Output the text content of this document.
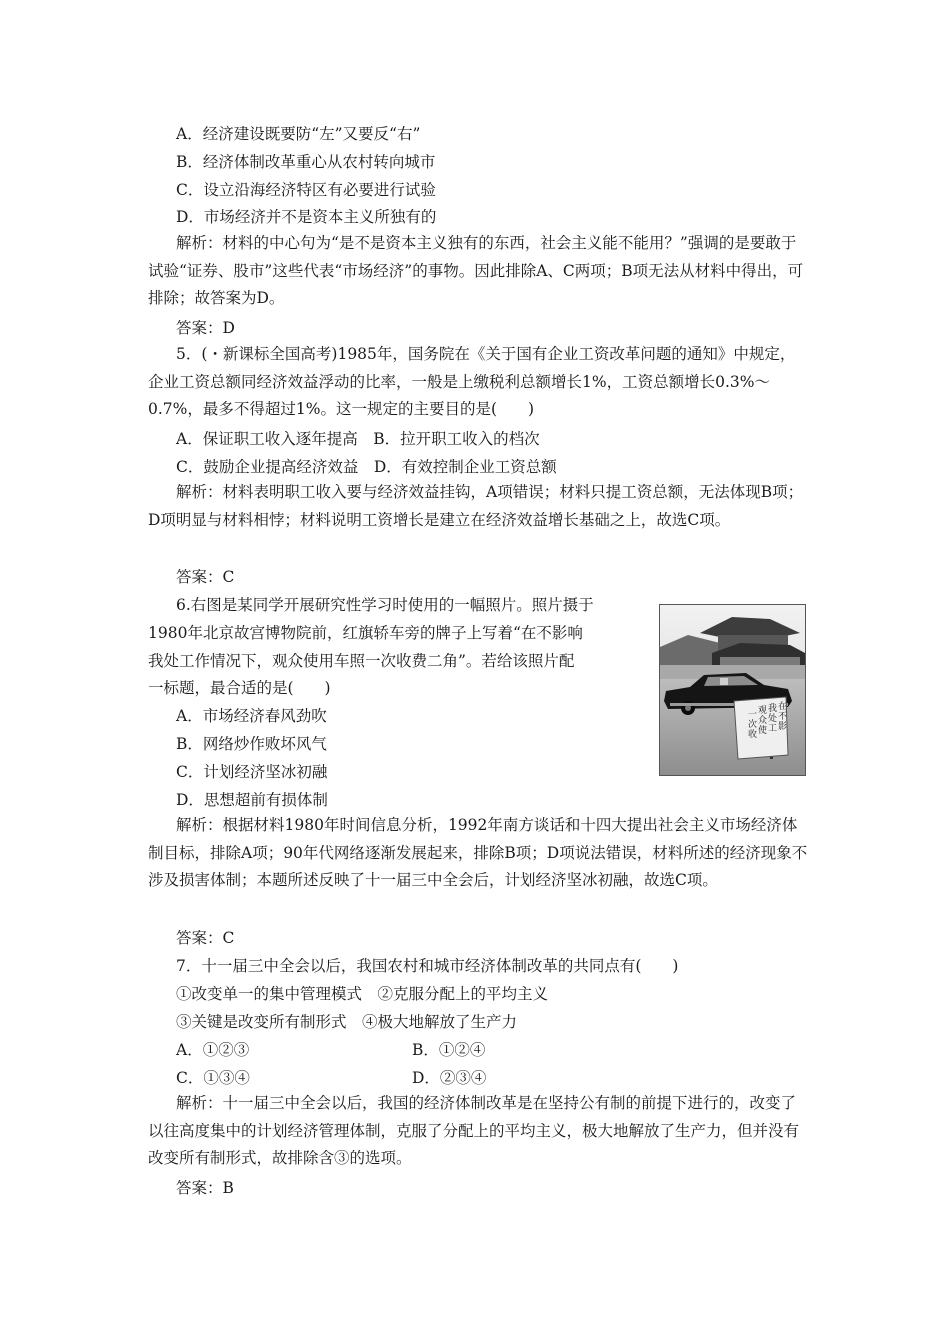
A．经济建设既要防“左”又要反“右”
B．经济体制改革重心从农村转向城市
C．设立沿海经济特区有必要进行试验
D．市场经济并不是资本主义所独有的
解析：材料的中心句为“是不是资本主义独有的东西，社会主义能不能用？”强调的是要敢于试验“证券、股市”这些代表“市场经济”的事物。因此排除A、C两项；B项无法从材料中得出，可排除；故答案为D。
答案：D
5．(・新课标全国高考)1985年，国务院在《关于国有企业工资改革问题的通知》中规定，企业工资总额同经济效益浮动的比率，一般是上缴税利总额增长1%，工资总额增长0.3%～0.7%，最多不得超过1%。这一规定的主要目的是(　　)
A．保证职工收入逐年提高　B．拉开职工收入的档次
C．鼓励企业提高经济效益　D．有效控制企业工资总额
解析：材料表明职工收入要与经济效益挂钩，A项错误；材料只提工资总额，无法体现B项；D项明显与材料相悖；材料说明工资增长是建立在经济效益增长基础之上，故选C项。
答案：C
6.右图是某同学开展研究性学习时使用的一幅照片。照片摄于
1980年北京故宫博物院前，红旗轿车旁的牌子上写着“在不影响
我处工作情况下，观众使用车照一次收费二角”。若给该照片配
一标题，最合适的是(　　)
A．市场经济春风劲吹
B．网络炒作败坏风气
C．计划经济坚冰初融
D．思想超前有损体制
在
不
影
我
处
工
观
众
使
一
次
收
解析：根据材料1980年时间信息分析，1992年南方谈话和十四大提出社会主义市场经济体制目标，排除A项；90年代网络逐渐发展起来，排除B项；D项说法错误，材料所述的经济现象不涉及损害体制；本题所述反映了十一届三中全会后，计划经济坚冰初融，故选C项。
答案：C
7．十一届三中全会以后，我国农村和城市经济体制改革的共同点有(　　)
①改变单一的集中管理模式　②克服分配上的平均主义
③关键是改变所有制形式　④极大地解放了生产力
A．①②③	B．①②④
C．①③④	D．②③④
解析：十一届三中全会以后，我国的经济体制改革是在坚持公有制的前提下进行的，改变了以往高度集中的计划经济管理体制，克服了分配上的平均主义，极大地解放了生产力，但并没有改变所有制形式，故排除含③的选项。
答案：B
